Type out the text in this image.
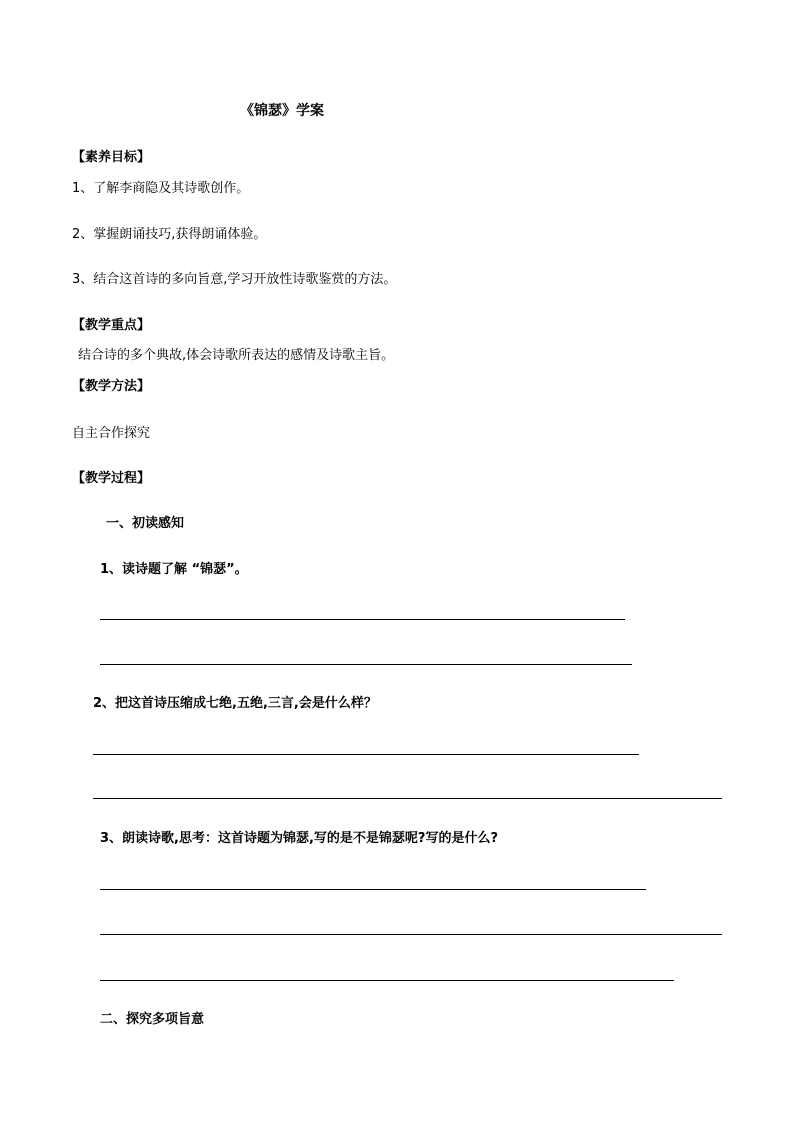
《锦瑟》学案
【素养目标】
1、了解李商隐及其诗歌创作。
2、掌握朗诵技巧,获得朗诵体验。
3、结合这首诗的多向旨意,学习开放性诗歌鉴赏的方法。
【教学重点】
结合诗的多个典故,体会诗歌所表达的感情及诗歌主旨。
【教学方法】
自主合作探究
【教学过程】
一、初读感知
1、读诗题了解 “锦瑟”。
2、把这首诗压缩成七绝,五绝,三言,会是什么样？
3、朗读诗歌,思考：这首诗题为锦瑟,写的是不是锦瑟呢?写的是什么?
二、探究多项旨意
